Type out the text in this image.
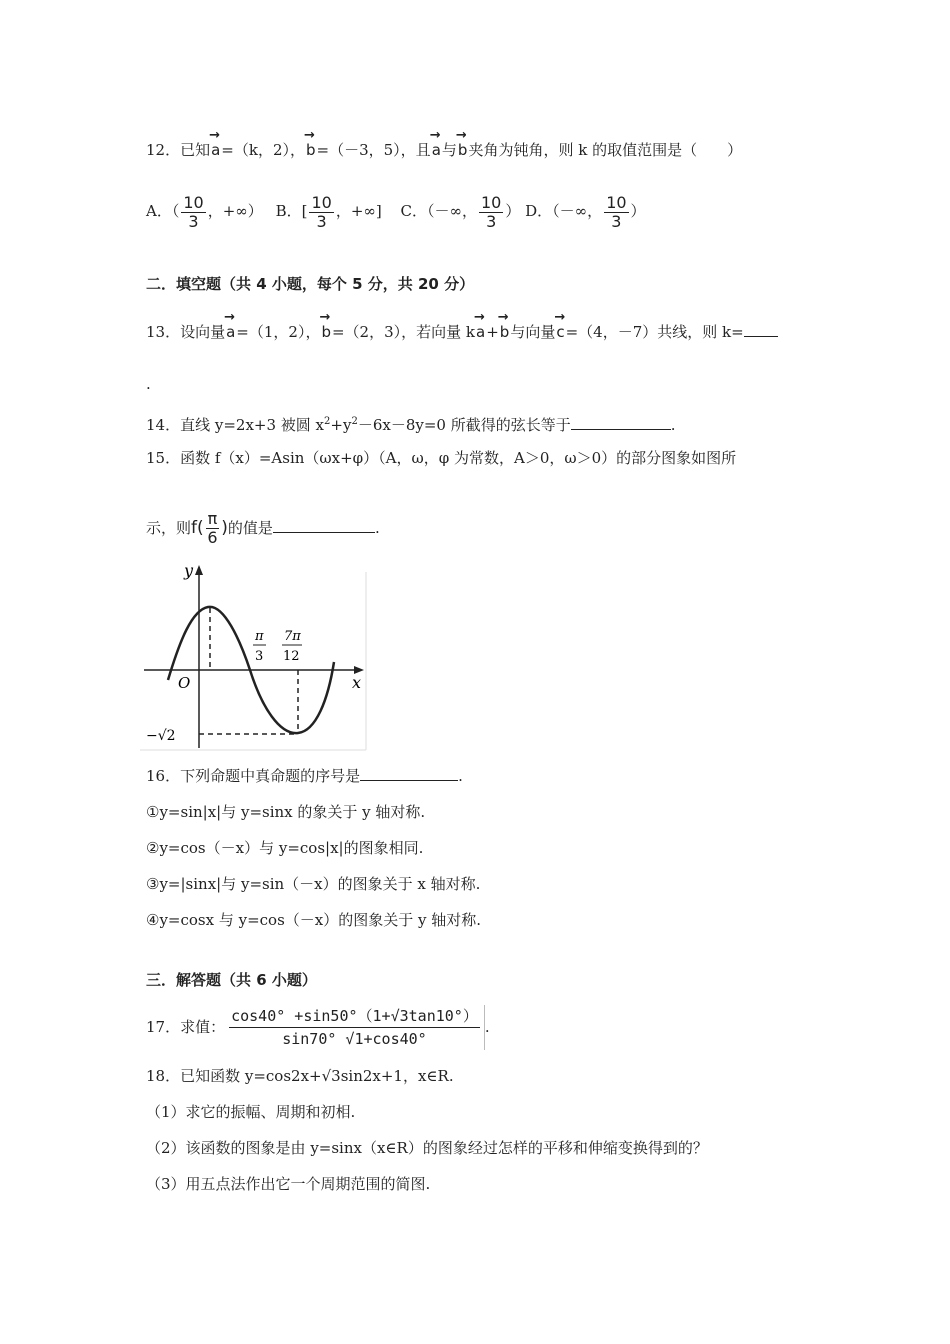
12．已知→ a=（k，2），→ b=（－3，5），且→ a与→ b夹角为钝角，则 k 的取值范围是（　　）
A．（ $\frac{10}{3}$ ，+∞） B．[ $\frac{10}{3}$ ，+∞] C．（－∞， $\frac{10}{3}$ ） D．（－∞， $\frac{10}{3}$ ）
二．填空题（共 4 小题，每个 5 分，共 20 分）
13．设向量→ a=（1，2），→ b=（2，3），若向量 k→ a+→ b与向量→ c=（4，－7）共线，则 k=
.
14．直线 y=2x+3 被圆 $x^2+y^2-6x-8y=0$ 所截得的弦长等于	.
15．函数 f（x）=Asin（ωx+φ）（A，ω，φ 为常数，A＞0，ω＞0）的部分图象如图所
示，则$f( \frac{\pi}{6}$ )的值是	.
y
x
O
π
3
7π
12
−√2
16．下列命题中真命题的序号是	.
①y=sin|x|与 y=sinx 的象关于 y 轴对称.
②y=cos（－x）与 y=cos|x|的图象相同.
③y=|sinx|与 y=sin（－x）的图象关于 x 轴对称.
④y=cosx 与 y=cos（－x）的图象关于 y 轴对称.
三．解答题（共 6 小题）
17．求值： $\frac{\cos 40^\circ +\sin 50^\circ(1+√3\tan 10^\circ)}{\sin 70^\circ √1+\cos 40^\circ}$ .
18．已知函数 y=cos2x+√3sin2x+1，x∈R.
（1）求它的振幅、周期和初相.
（2）该函数的图象是由 y=sinx（x∈R）的图象经过怎样的平移和伸缩变换得到的？
（3）用五点法作出它一个周期范围的简图.
